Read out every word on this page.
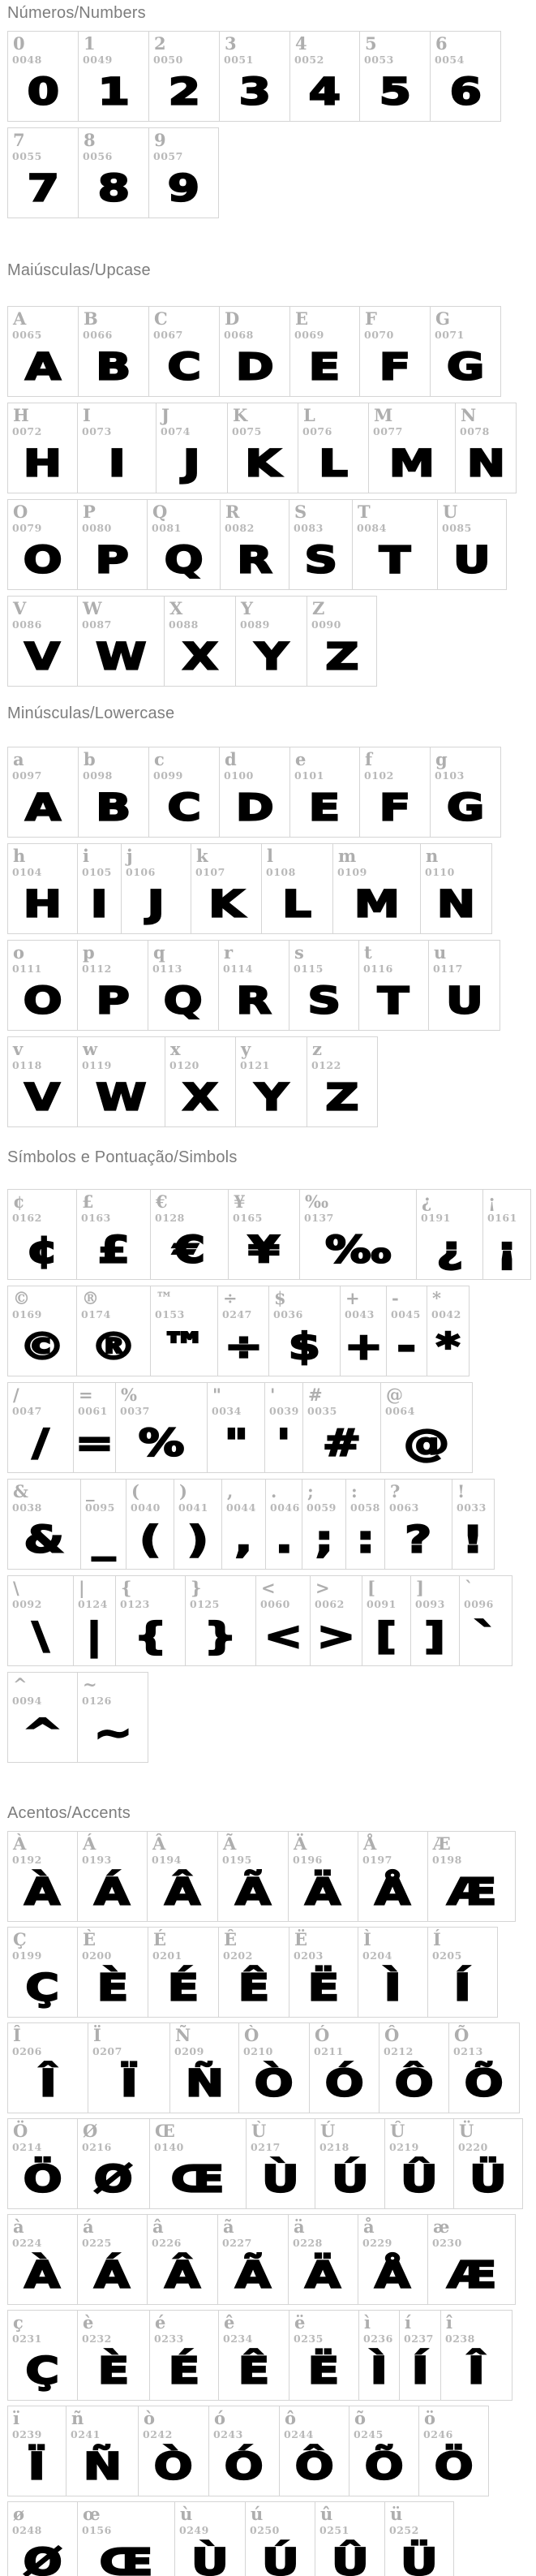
Números/Numbers
0
0048
0
1
0049
1
2
0050
2
3
0051
3
4
0052
4
5
0053
5
6
0054
6
7
0055
7
8
0056
8
9
0057
9
Maiúsculas/Upcase
A
0065
A
B
0066
B
C
0067
C
D
0068
D
E
0069
E
F
0070
F
G
0071
G
H
0072
H
I
0073
I
J
0074
J
K
0075
K
L
0076
L
M
0077
M
N
0078
N
O
0079
O
P
0080
P
Q
0081
Q
R
0082
R
S
0083
S
T
0084
T
U
0085
U
V
0086
V
W
0087
W
X
0088
X
Y
0089
Y
Z
0090
Z
Minúsculas/Lowercase
a
0097
A
b
0098
B
c
0099
C
d
0100
D
e
0101
E
f
0102
F
g
0103
G
h
0104
H
i
0105
I
j
0106
J
k
0107
K
l
0108
L
m
0109
M
n
0110
N
o
0111
O
p
0112
P
q
0113
Q
r
0114
R
s
0115
S
t
0116
T
u
0117
U
v
0118
V
w
0119
W
x
0120
X
y
0121
Y
z
0122
Z
Símbolos e Pontuação/Simbols
¢
0162
¢
£
0163
£
€
0128
€
¥
0165
¥
‰
0137
‰
¿
0191
¿
¡
0161
¡
©
0169
©
®
0174
®
™
0153
™
÷
0247
÷
$
0036
$
+
0043
+
-
0045
-
*
0042
*
/
0047
/
=
0061
=
%
0037
%
"
0034
"
'
0039
'
#
0035
#
@
0064
@
&
0038
&
_
0095
_
(
0040
(
)
0041
)
,
0044
,
.
0046
.
;
0059
;
:
0058
:
?
0063
?
!
0033
!
\
0092
\
|
0124
|
{
0123
{
}
0125
}
<
0060
<
>
0062
>
[
0091
[
]
0093
]
`
0096
`
^
0094
^
~
0126
~
Acentos/Accents
À
0192
À
Á
0193
Á
Â
0194
Â
Ã
0195
Ã
Ä
0196
Ä
Å
0197
Å
Æ
0198
Æ
Ç
0199
Ç
È
0200
È
É
0201
É
Ê
0202
Ê
Ë
0203
Ë
Ì
0204
Ì
Í
0205
Í
Î
0206
Î
Ï
0207
Ï
Ñ
0209
Ñ
Ò
0210
Ò
Ó
0211
Ó
Ô
0212
Ô
Õ
0213
Õ
Ö
0214
Ö
Ø
0216
Ø
Œ
0140
Œ
Ù
0217
Ù
Ú
0218
Ú
Û
0219
Û
Ü
0220
Ü
à
0224
À
á
0225
Á
â
0226
Â
ã
0227
Ã
ä
0228
Ä
å
0229
Å
æ
0230
Æ
ç
0231
Ç
è
0232
È
é
0233
É
ê
0234
Ê
ë
0235
Ë
ì
0236
Ì
í
0237
Í
î
0238
Î
ï
0239
Ï
ñ
0241
Ñ
ò
0242
Ò
ó
0243
Ó
ô
0244
Ô
õ
0245
Õ
ö
0246
Ö
ø
0248
Ø
œ
0156
Œ
ù
0249
Ù
ú
0250
Ú
û
0251
Û
ü
0252
Ü
